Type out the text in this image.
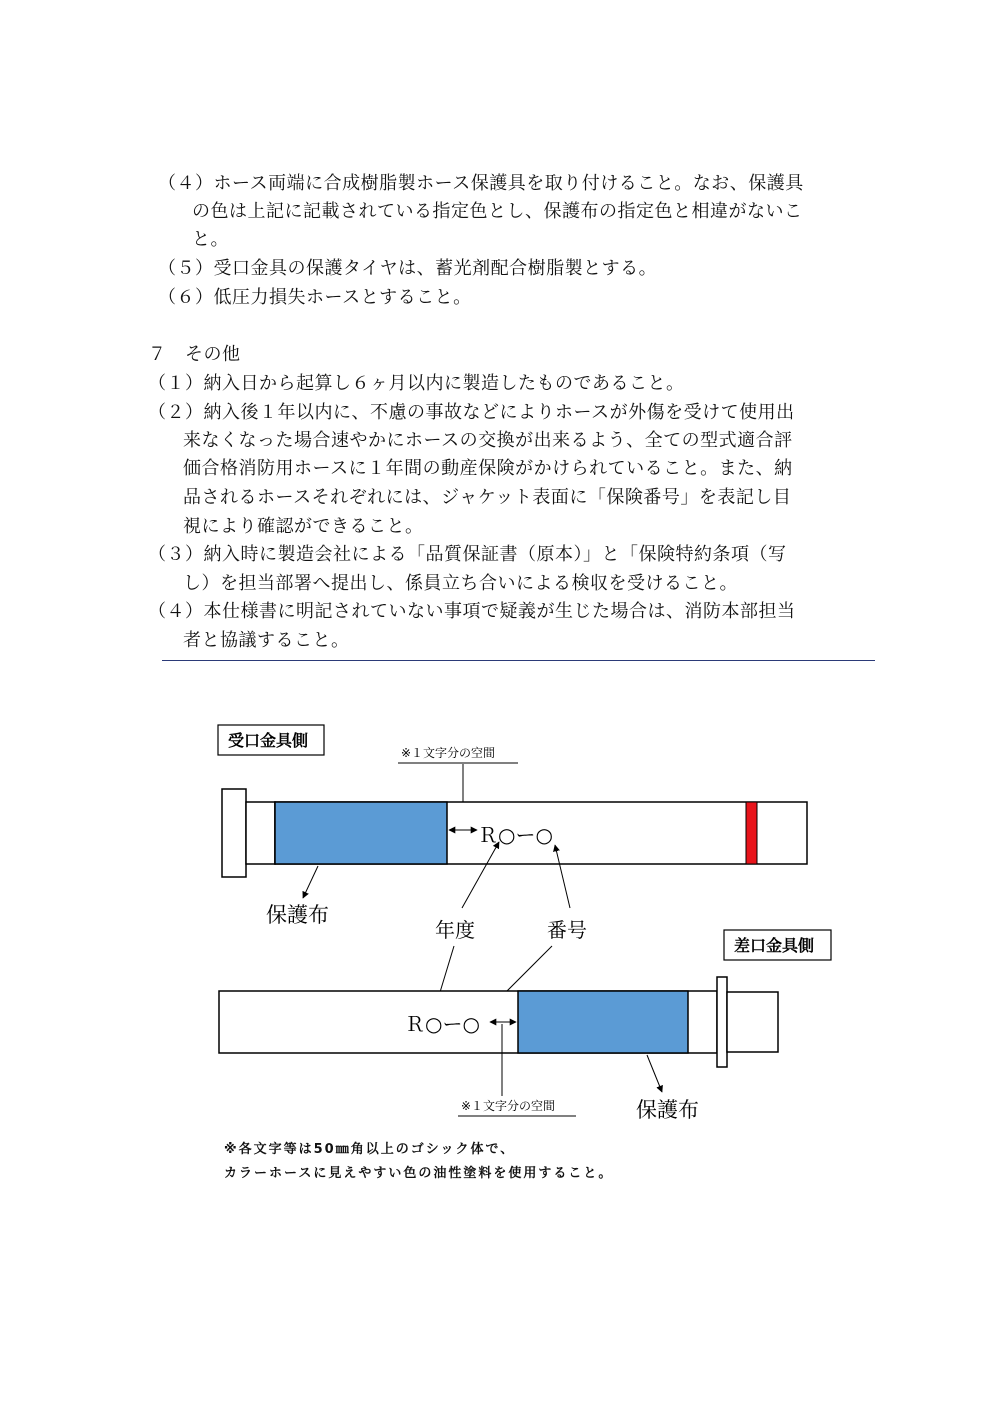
（４）ホース両端に合成樹脂製ホース保護具を取り付けること。なお、保護具
の色は上記に記載されている指定色とし、保護布の指定色と相違がないこ
と。
（５）受口金具の保護タイヤは、蓄光剤配合樹脂製とする。
（６）低圧力損失ホースとすること。
７　その他
（１）納入日から起算し６ヶ月以内に製造したものであること。
（２）納入後１年以内に、不慮の事故などによりホースが外傷を受けて使用出
来なくなった場合速やかにホースの交換が出来るよう、全ての型式適合評
価合格消防用ホースに１年間の動産保険がかけられていること。また、納
品されるホースそれぞれには、ジャケット表面に「保険番号」を表記し目
視により確認ができること。
（３）納入時に製造会社による「品質保証書（原本）」と「保険特約条項（写
し）を担当部署へ提出し、係員立ち合いによる検収を受けること。
（４）本仕様書に明記されていない事項で疑義が生じた場合は、消防本部担当
者と協議すること。
受口金具側
※１文字分の空間
Ｒ○ー○
保護布
年度	番号
差口金具側
Ｒ○ー○
※１文字分の空間	保護布
※各文字等は50㎜角以上のゴシック体で、
カラーホースに見えやすい色の油性塗料を使用すること。
